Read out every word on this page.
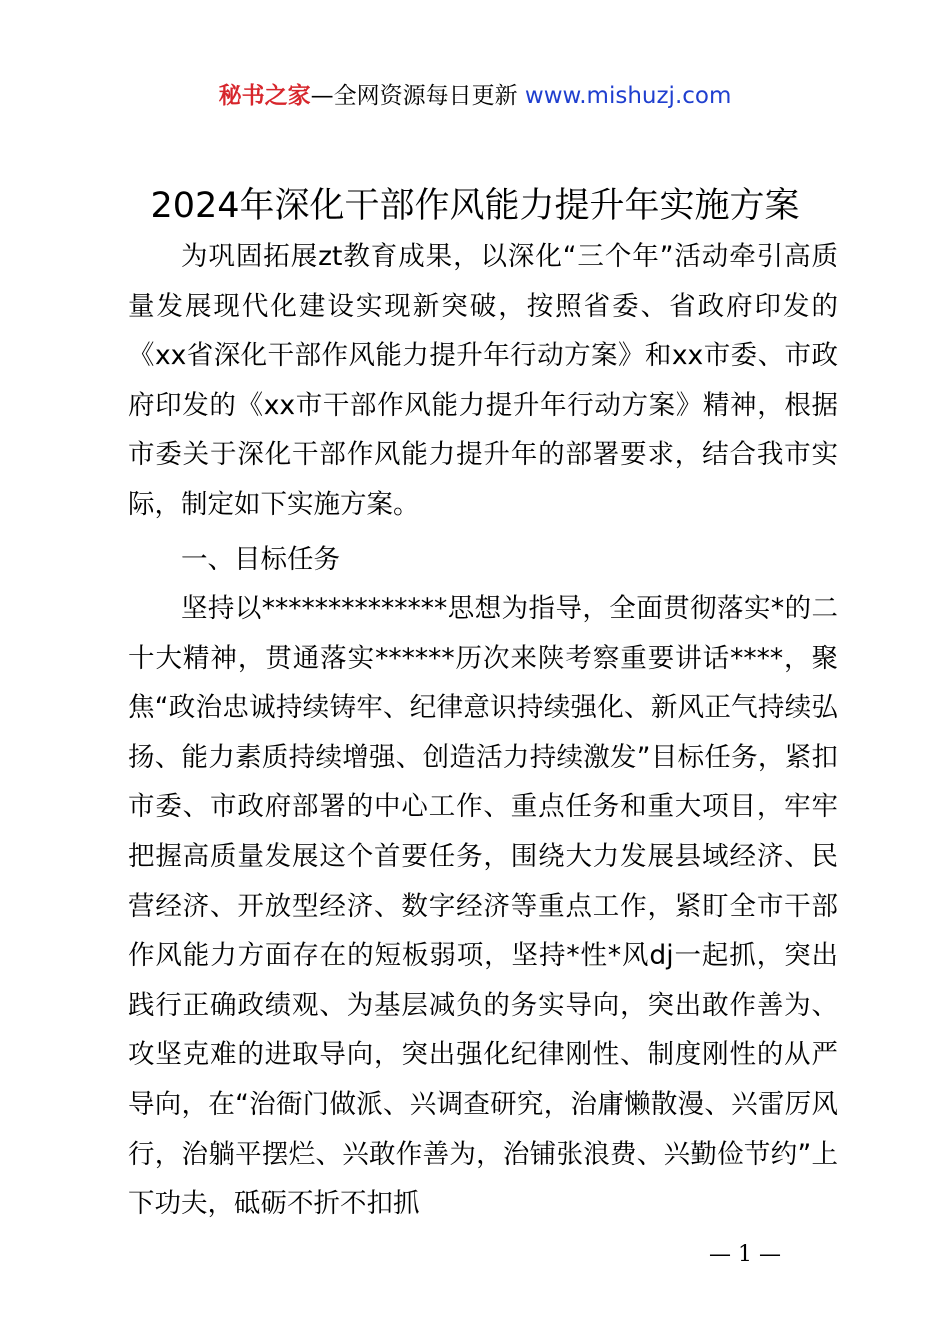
秘书之家—全网资源每日更新 www.mishuzj.com
2024年深化干部作风能力提升年实施方案

为巩固拓展zt教育成果，以深化“三个年”活动牵引高质量发展现代化建设实现新突破，按照省委、省政府印发的《xx省深化干部作风能力提升年行动方案》和xx市委、市政府印发的《xx市干部作风能力提升年行动方案》精神，根据市委关于深化干部作风能力提升年的部署要求，结合我市实际，制定如下实施方案。

一、目标任务

坚持以**************思想为指导，全面贯彻落实*的二十大精神，贯通落实******历次来陕考察重要讲话****，聚焦“政治忠诚持续铸牢、纪律意识持续强化、新风正气持续弘扬、能力素质持续增强、创造活力持续激发”目标任务，紧扣市委、市政府部署的中心工作、重点任务和重大项目，牢牢把握高质量发展这个首要任务，围绕大力发展县域经济、民营经济、开放型经济、数字经济等重点工作，紧盯全市干部作风能力方面存在的短板弱项，坚持*性*风dj一起抓，突出践行正确政绩观、为基层减负的务实导向，突出敢作善为、攻坚克难的进取导向，突出强化纪律刚性、制度刚性的从严导向，在“治衙门做派、兴调查研究，治庸懒散漫、兴雷厉风行，治躺平摆烂、兴敢作善为，治铺张浪费、兴勤俭节约”上下功夫，砥砺不折不扣抓

— 1 —
